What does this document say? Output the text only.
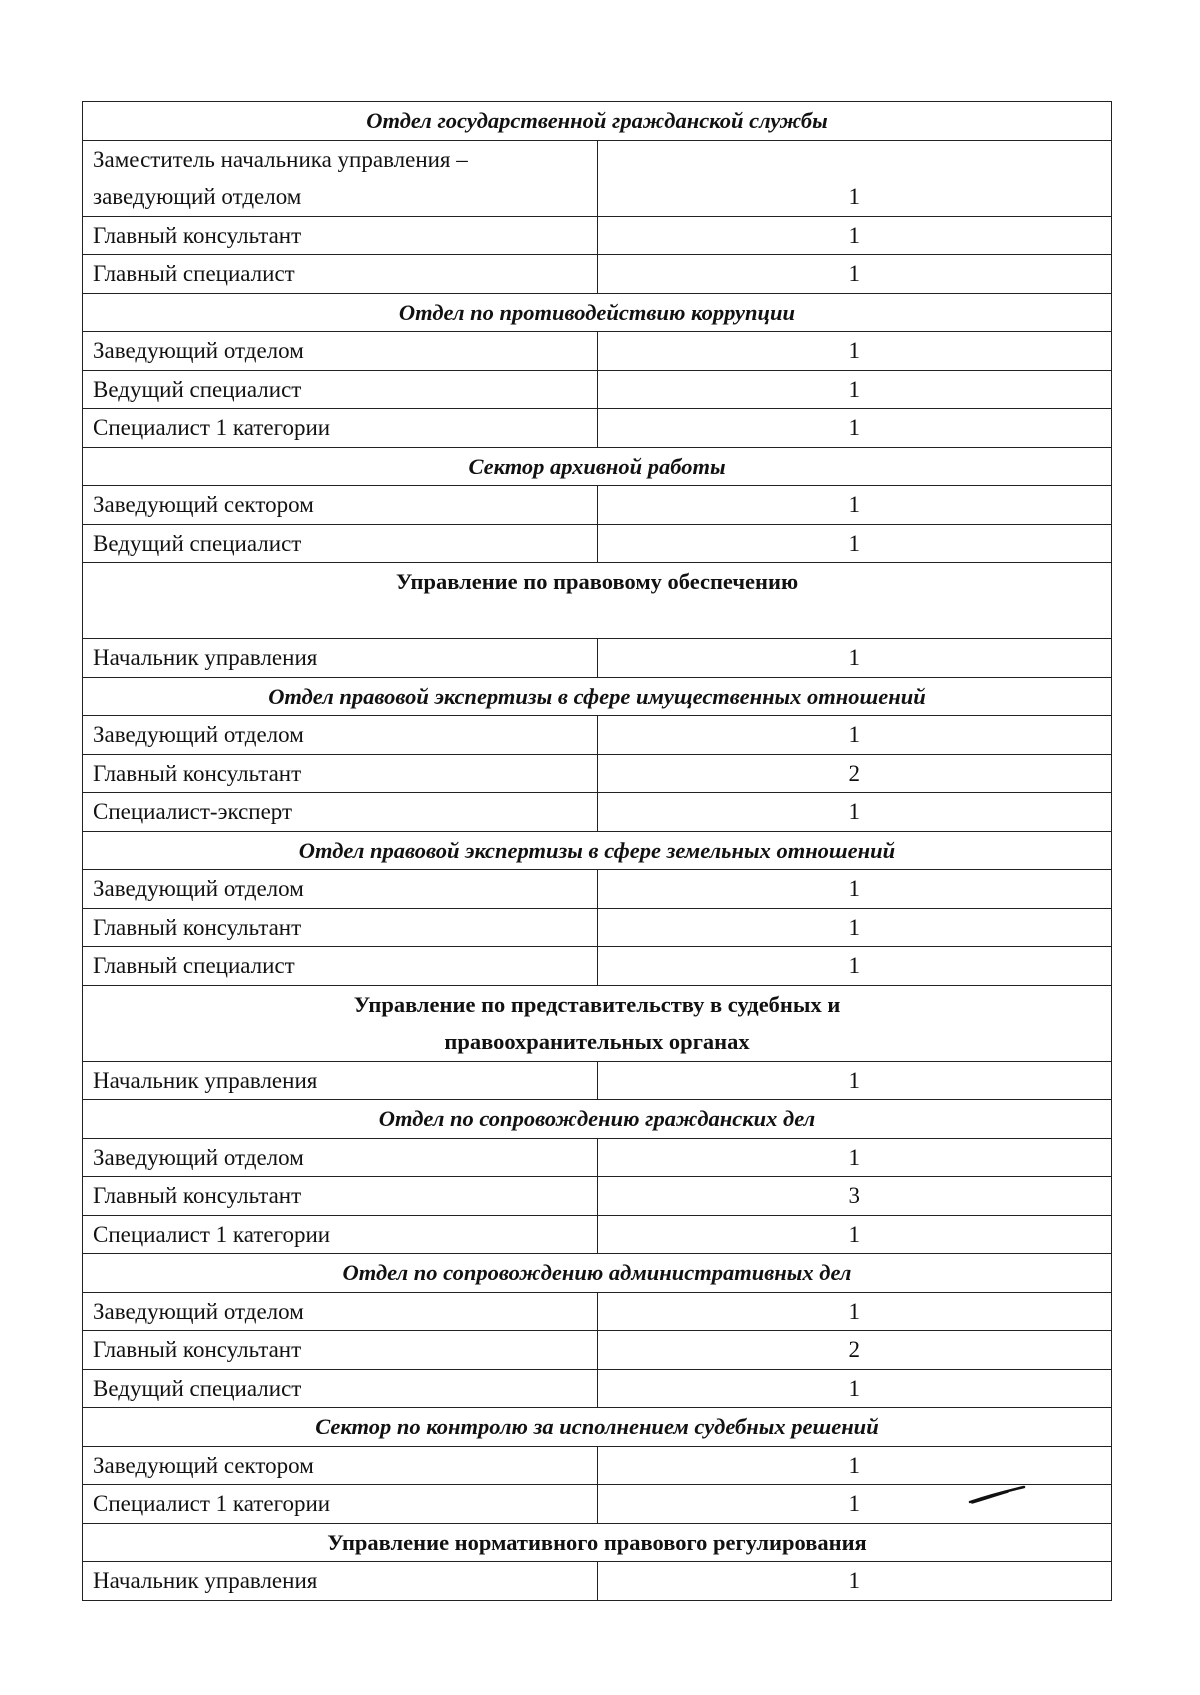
Отдел государственной гражданской службы	
Заместитель начальника управления – заведующий отделом	1
Главный консультант	1
Главный специалист	1
Отдел по противодействию коррупции	
Заведующий отделом	1
Ведущий специалист	1
Специалист 1 категории	1
Сектор архивной работы	
Заведующий сектором	1
Ведущий специалист	1
Управление по правовому обеспечению	
Начальник управления	1
Отдел правовой экспертизы в сфере имущественных отношений	
Заведующий отделом	1
Главный консультант	2
Специалист-эксперт	1
Отдел правовой экспертизы в сфере земельных отношений	
Заведующий отделом	1
Главный консультант	1
Главный специалист	1
Управление по представительству в судебных и правоохранительных органах	
Начальник управления	1
Отдел по сопровождению гражданских дел	
Заведующий отделом	1
Главный консультант	3
Специалист 1 категории	1
Отдел по сопровождению административных дел	
Заведующий отделом	1
Главный консультант	2
Ведущий специалист	1
Сектор по контролю за исполнением судебных решений	
Заведующий сектором	1
Специалист 1 категории	1
Управление нормативного правового регулирования	
Начальник управления	1
